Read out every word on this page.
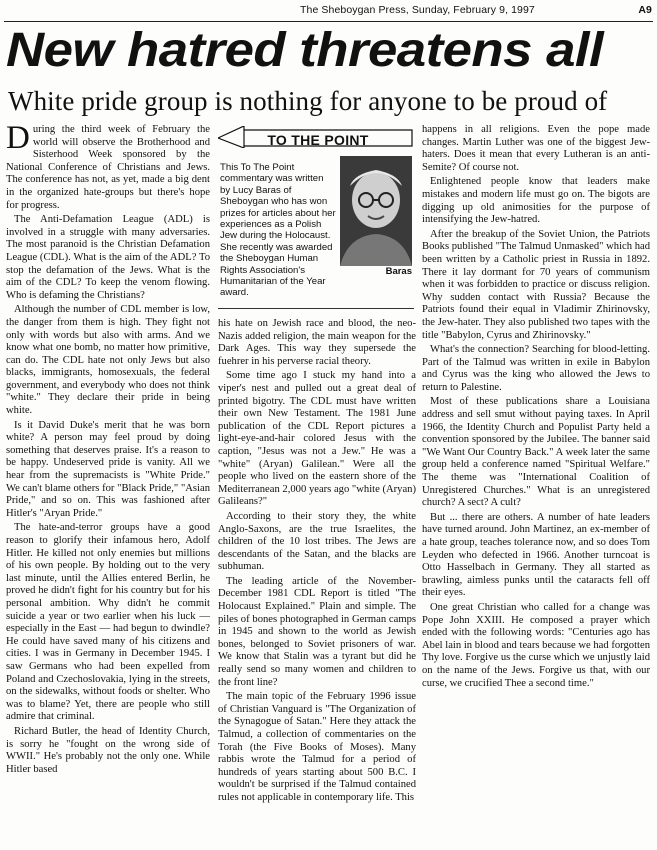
The Sheboygan Press, Sunday, February 9, 1997	A9
New hatred threatens all
White pride group is nothing for anyone to be proud of

During the third week of February the world will observe the Brotherhood and Sisterhood Week sponsored by the National Conference of Christians and Jews. The conference has not, as yet, made a big dent in the organized hate-groups but there's hope for progress.

The Anti-Defamation League (ADL) is involved in a struggle with many adversaries. The most paranoid is the Christian Defamation League (CDL). What is the aim of the ADL? To stop the defamation of the Jews. What is the aim of the CDL? To keep the venom flowing. Who is defaming the Christians?

Although the number of CDL member is low, the danger from them is high. They fight not only with words but also with arms. And we know what one bomb, no matter how primitive, can do. The CDL hate not only Jews but also blacks, immigrants, homosexuals, the federal government, and everybody who does not think "white." They declare their pride in being white.

Is it David Duke's merit that he was born white? A person may feel proud by doing something that deserves praise. It's a reason to be happy. Undeserved pride is vanity. All we hear from the supremacists is "White Pride." We can't blame others for "Black Pride," "Asian Pride," and so on. This was fashioned after Hitler's "Aryan Pride."

The hate-and-terror groups have a good reason to glorify their infamous hero, Adolf Hitler. He killed not only enemies but millions of his own people. By holding out to the very last minute, until the Allies entered Berlin, he proved he didn't fight for his country but for his personal ambition. Why didn't he commit suicide a year or two earlier when his luck — especially in the East — had begun to dwindle? He could have saved many of his citizens and cities. I was in Germany in December 1945. I saw Germans who had been expelled from Poland and Czechoslovakia, lying in the streets, on the sidewalks, without foods or shelter. Who was to blame? Yet, there are people who still admire that criminal.

Richard Butler, the head of Identity Church, is sorry he "fought on the wrong side of WWII." He's probably not the only one. While Hitler based

TO THE POINT
This To The Point commentary was written by Lucy Baras of Sheboygan who has won prizes for articles about her experiences as a Polish Jew during the Holocaust. She recently was awarded the Sheboygan Human Rights Association's Humanitarian of the Year award.
Baras

his hate on Jewish race and blood, the neo-Nazis added religion, the main weapon for the Dark Ages. This way they supersede the fuehrer in his perverse racial theory.

Some time ago I stuck my hand into a viper's nest and pulled out a great deal of printed bigotry. The CDL must have written their own New Testament. The 1981 June publication of the CDL Report pictures a light-eye-and-hair colored Jesus with the caption, "Jesus was not a Jew." He was a "white" (Aryan) Galilean." Were all the people who lived on the eastern shore of the Mediterranean 2,000 years ago "white (Aryan) Galileans?"

According to their story they, the white Anglo-Saxons, are the true Israelites, the children of the 10 lost tribes. The Jews are descendants of the Satan, and the blacks are subhuman.

The leading article of the November-December 1981 CDL Report is titled "The Holocaust Explained." Plain and simple. The piles of bones photographed in German camps in 1945 and shown to the world as Jewish bones, belonged to Soviet prisoners of war. We know that Stalin was a tyrant but did he really send so many women and children to the front line?

The main topic of the February 1996 issue of Christian Vanguard is "The Organization of the Synagogue of Satan." Here they attack the Talmud, a collection of commentaries on the Torah (the Five Books of Moses). Many rabbis wrote the Talmud for a period of hundreds of years starting about 500 B.C. I wouldn't be surprised if the Talmud contained rules not applicable in contemporary life. This

happens in all religions. Even the pope made changes. Martin Luther was one of the biggest Jew-haters. Does it mean that every Lutheran is an anti-Semite? Of course not.

Enlightened people know that leaders make mistakes and modern life must go on. The bigots are digging up old animosities for the purpose of intensifying the Jew-hatred.

After the breakup of the Soviet Union, the Patriots Books published "The Talmud Unmasked" which had been written by a Catholic priest in Russia in 1892. There it lay dormant for 70 years of communism when it was forbidden to practice or discuss religion. Why sudden contact with Russia? Because the Patriots found their equal in Vladimir Zhirinovsky, the Jew-hater. They also published two tapes with the title "Babylon, Cyrus and Zhirinovsky."

What's the connection? Searching for blood-letting. Part of the Talmud was written in exile in Babylon and Cyrus was the king who allowed the Jews to return to Palestine.

Most of these publications share a Louisiana address and sell smut without paying taxes. In April 1966, the Identity Church and Populist Party held a convention sponsored by the Jubilee. The banner said "We Want Our Country Back." A week later the same group held a conference named "Spiritual Welfare." The theme was "International Coalition of Unregistered Churches." What is an unregistered church? A sect? A cult?

But ... there are others. A number of hate leaders have turned around. John Martinez, an ex-member of a hate group, teaches tolerance now, and so does Tom Leyden who defected in 1966. Another turncoat is Otto Hasselbach in Germany. They all started as brawling, aimless punks until the cataracts fell off their eyes.

One great Christian who called for a change was Pope John XXIII. He composed a prayer which ended with the following words: "Centuries ago has Abel lain in blood and tears because we had forgotten Thy love. Forgive us the curse which we unjustly laid on the name of the Jews. Forgive us that, with our curse, we crucified Thee a second time."
